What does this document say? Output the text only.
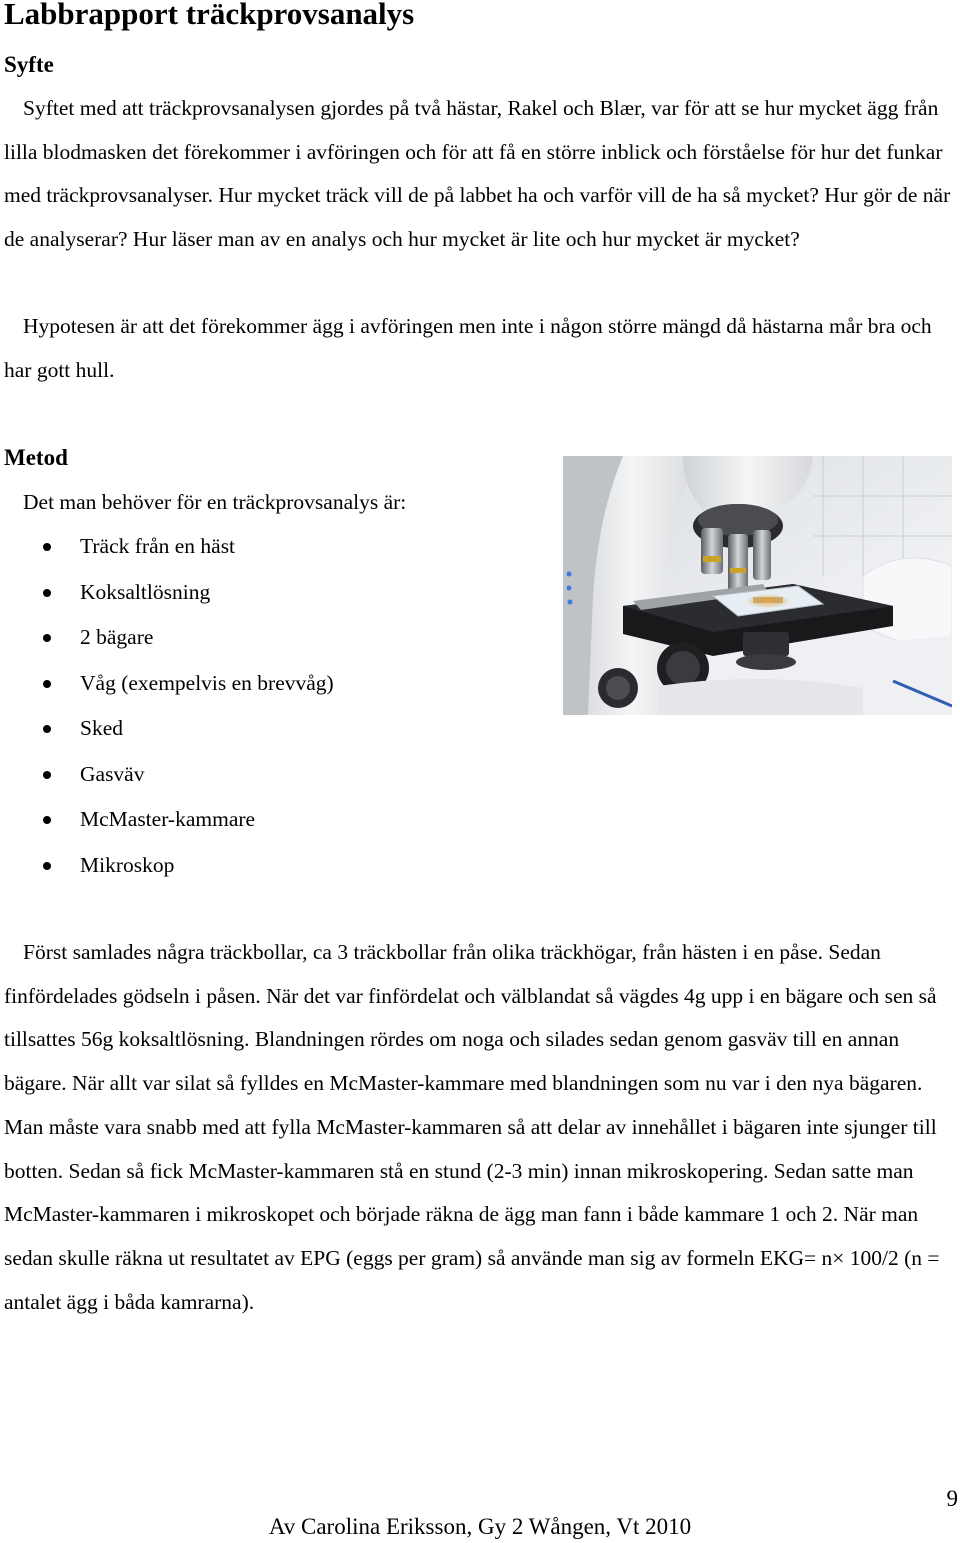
Labbrapport träckprovsanalys
Syfte

Syftet med att träckprovsanalysen gjordes på två hästar, Rakel och Blær, var för att se hur mycket ägg från lilla blodmasken det förekommer i avföringen och för att få en större inblick och förståelse för hur det funkar med träckprovsanalyser. Hur mycket träck vill de på labbet ha och varför vill de ha så mycket? Hur gör de när de analyserar? Hur läser man av en analys och hur mycket är lite och hur mycket är mycket?

Hypotesen är att det förekommer ägg i avföringen men inte i någon större mängd då hästarna mår bra och har gott hull.

Metod

Det man behöver för en träckprovsanalys är:

Träck från en häst
Koksaltlösning
2 bägare
Våg (exempelvis en brevvåg)
Sked
Gasväv
McMaster-kammare
Mikroskop

Först samlades några träckbollar, ca 3 träckbollar från olika träckhögar, från hästen i en påse. Sedan finfördelades gödseln i påsen. När det var finfördelat och välblandat så vägdes 4g upp i en bägare och sen så tillsattes 56g koksaltlösning. Blandningen rördes om noga och silades sedan genom gasväv till en annan bägare. När allt var silat så fylldes en McMaster-kammare med blandningen som nu var i den nya bägaren. Man måste vara snabb med att fylla McMaster-kammaren så att delar av innehållet i bägaren inte sjunger till botten. Sedan så fick McMaster-kammaren stå en stund (2-3 min) innan mikroskopering. Sedan satte man McMaster-kammaren i mikroskopet och började räkna de ägg man fann i både kammare 1 och 2. När man sedan skulle räkna ut resultatet av EPG (eggs per gram) så använde man sig av formeln EKG= n× 100/2 (n = antalet ägg i båda kamrarna).

9

Av Carolina Eriksson, Gy 2 Wången, Vt 2010
